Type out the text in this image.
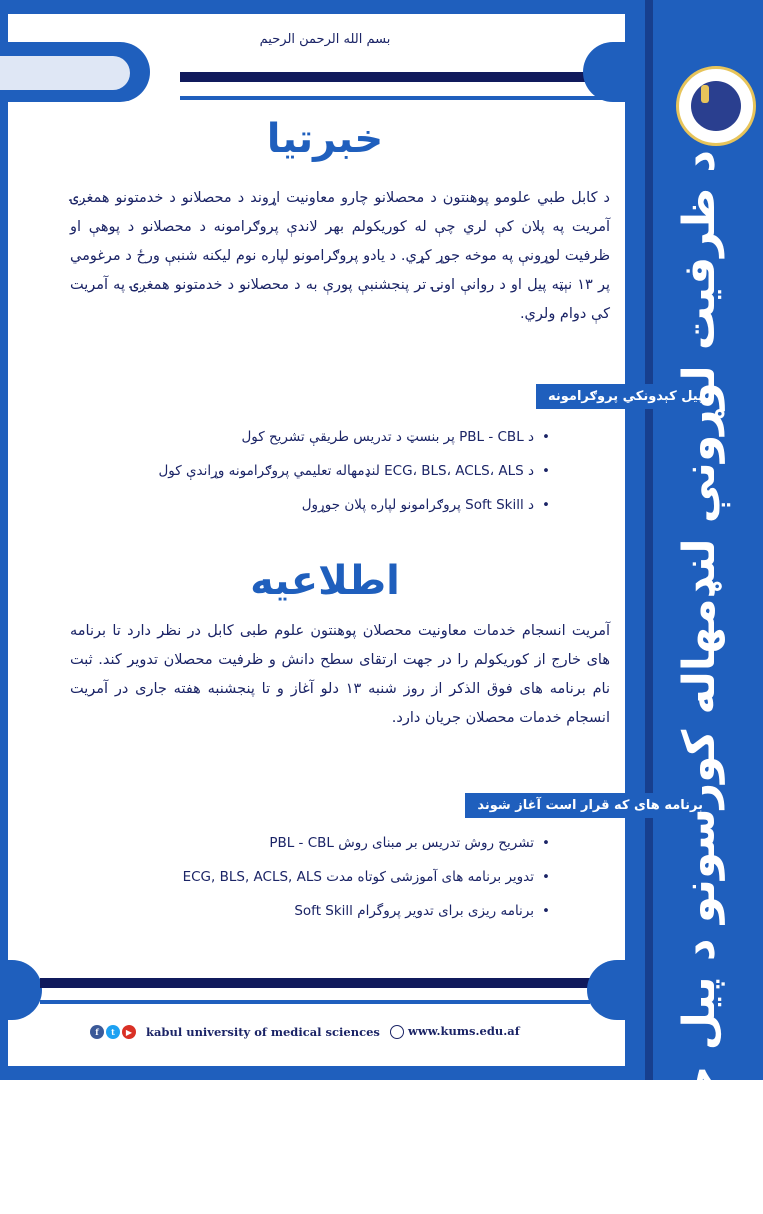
بسم الله الرحمن الرحيم
خبرتیا
د کابل طبي علومو پوهنتون د محصلانو چارو معاونیت اړوند د محصلانو د خدمتونو همغږۍ آمریت په پلان کې لري چې له کوریکولم بهر لاندې پروګرامونه د محصلانو د پوهې او ظرفیت لوړونې په موخه جوړ کړي. د یادو پروګرامونو لپاره نوم لیکنه شنبې ورځ د مرغومي پر ۱۳ نېټه پیل او د روانې اونۍ تر پنجشنبې پورې به د محصلانو د خدمتونو همغږۍ په آمریت کې دوام ولري.
پیل کېدونکي پروګرامونه
• د PBL - CBL پر بنسټ د تدریس طریقې تشریح کول
• د ECG، BLS، ACLS، ALS لنډمهاله تعلیمي پروګرامونه وړاندې کول
• د Soft Skill پروګرامونو لپاره پلان جوړول
اطلاعیه
آمریت انسجام خدمات معاونیت محصلان پوهنتون علوم طبی کابل در نظر دارد تا برنامه های خارج از کوریکولم را در جهت ارتقای سطح دانش و ظرفیت محصلان تدویر کند. ثبت نام برنامه های فوق الذکر از روز شنبه ۱۳ دلو آغاز و تا پنجشنبه هفته جاری در آمریت انسجام خدمات محصلان جریان دارد.
برنامه های که قرار است آغاز شوند
• تشریح روش تدریس بر مبنای روش PBL - CBL
• تدویر برنامه های آموزشی کوتاه مدت ECG, BLS, ACLS, ALS
• برنامه ریزی برای تدویر پروگرام Soft Skill
f t ▶ kabul university of medical sciences	www.kums.edu.af	د ظرفیت لوړونې لنډمهاله کورسونو د پیل خبرتیا!
